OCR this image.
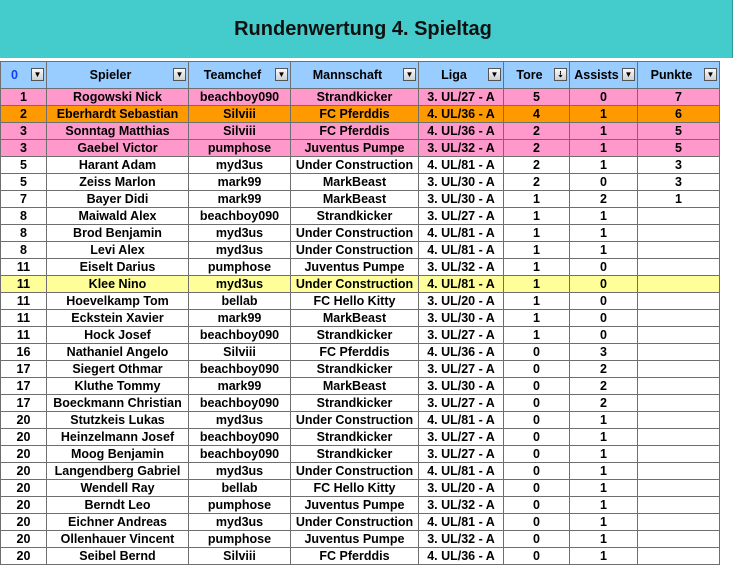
Rundenwertung 4. Spieltag
0 ▼	Spieler ▼	Teamchef ▼	Mannschaft ▼	Liga ▼	Tore ⇣	Assists ▼	Punkte ▼

1	Rogowski Nick	beachboy090	Strandkicker	3. UL/27 - A	5	0	7
2	Eberhardt Sebastian	Silviii	FC Pferddis	4. UL/36 - A	4	1	6
3	Sonntag Matthias	Silviii	FC Pferddis	4. UL/36 - A	2	1	5
3	Gaebel Victor	pumphose	Juventus Pumpe	3. UL/32 - A	2	1	5
5	Harant Adam	myd3us	Under Construction	4. UL/81 - A	2	1	3
5	Zeiss Marlon	mark99	MarkBeast	3. UL/30 - A	2	0	3
7	Bayer Didi	mark99	MarkBeast	3. UL/30 - A	1	2	1
8	Maiwald Alex	beachboy090	Strandkicker	3. UL/27 - A	1	1	
8	Brod Benjamin	myd3us	Under Construction	4. UL/81 - A	1	1	
8	Levi Alex	myd3us	Under Construction	4. UL/81 - A	1	1	
11	Eiselt Darius	pumphose	Juventus Pumpe	3. UL/32 - A	1	0	
11	Klee Nino	myd3us	Under Construction	4. UL/81 - A	1	0	
11	Hoevelkamp Tom	bellab	FC Hello Kitty	3. UL/20 - A	1	0	
11	Eckstein Xavier	mark99	MarkBeast	3. UL/30 - A	1	0	
11	Hock Josef	beachboy090	Strandkicker	3. UL/27 - A	1	0	
16	Nathaniel Angelo	Silviii	FC Pferddis	4. UL/36 - A	0	3	
17	Siegert Othmar	beachboy090	Strandkicker	3. UL/27 - A	0	2	
17	Kluthe Tommy	mark99	MarkBeast	3. UL/30 - A	0	2	
17	Boeckmann Christian	beachboy090	Strandkicker	3. UL/27 - A	0	2	
20	Stutzkeis Lukas	myd3us	Under Construction	4. UL/81 - A	0	1	
20	Heinzelmann Josef	beachboy090	Strandkicker	3. UL/27 - A	0	1	
20	Moog Benjamin	beachboy090	Strandkicker	3. UL/27 - A	0	1	
20	Langendberg Gabriel	myd3us	Under Construction	4. UL/81 - A	0	1	
20	Wendell Ray	bellab	FC Hello Kitty	3. UL/20 - A	0	1	
20	Berndt Leo	pumphose	Juventus Pumpe	3. UL/32 - A	0	1	
20	Eichner Andreas	myd3us	Under Construction	4. UL/81 - A	0	1	
20	Ollenhauer Vincent	pumphose	Juventus Pumpe	3. UL/32 - A	0	1	
20	Seibel Bernd	Silviii	FC Pferddis	4. UL/36 - A	0	1	
